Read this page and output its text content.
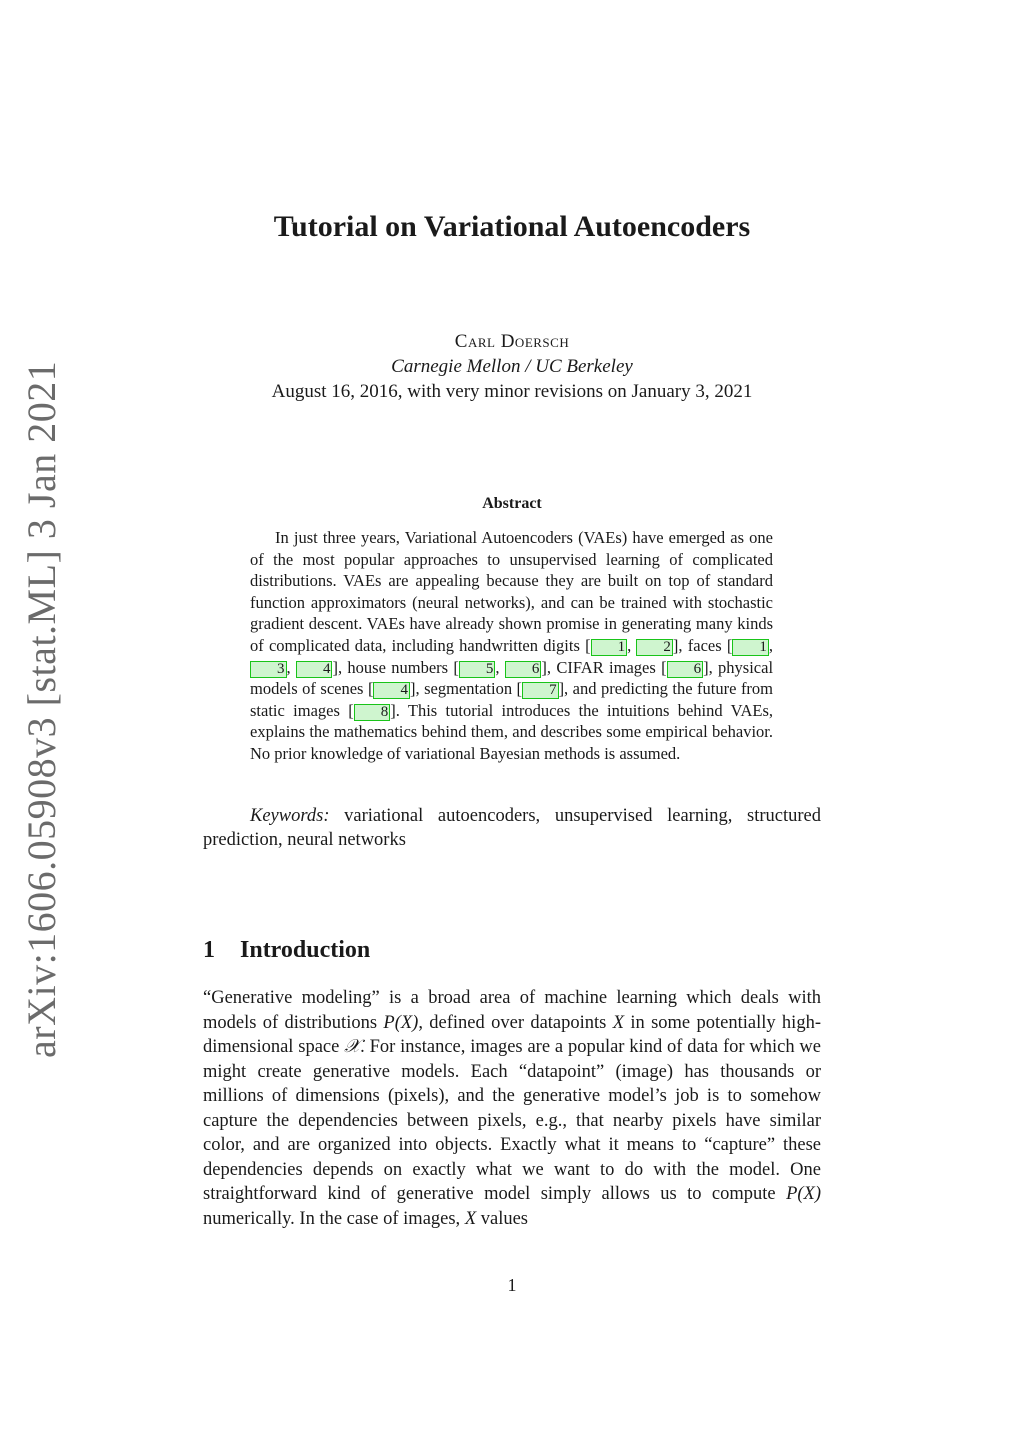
arXiv:1606.05908v3 [stat.ML] 3 Jan 2021
Tutorial on Variational Autoencoders
Carl Doersch
Carnegie Mellon / UC Berkeley
August 16, 2016, with very minor revisions on January 3, 2021
Abstract

In just three years, Variational Autoencoders (VAEs) have emerged as one of the most popular approaches to unsupervised learning of complicated distributions. VAEs are appealing because they are built on top of standard function approximators (neural networks), and can be trained with stochastic gradient descent. VAEs have already shown promise in generating many kinds of complicated data, including handwritten digits [ 1 , 2 ], faces [ 1 , 3 , 4 ], house numbers [ 5 , 6 ], CIFAR images [ 6 ], physical models of scenes [ 4 ], segmentation [ 7 ], and predicting the future from static images [ 8 ]. This tutorial introduces the intuitions behind VAEs, explains the mathematics behind them, and describes some empirical behavior. No prior knowledge of variational Bayesian methods is assumed.

Keywords: variational autoencoders, unsupervised learning, structured prediction, neural networks

1 Introduction

“Generative modeling” is a broad area of machine learning which deals with models of distributions P(X), defined over datapoints X in some potentially high-dimensional space 𝒳. For instance, images are a popular kind of data for which we might create generative models. Each “datapoint” (image) has thousands or millions of dimensions (pixels), and the generative model’s job is to somehow capture the dependencies between pixels, e.g., that nearby pixels have similar color, and are organized into objects. Exactly what it means to “capture” these dependencies depends on exactly what we want to do with the model. One straightforward kind of generative model simply allows us to compute P(X) numerically. In the case of images, X values

1
